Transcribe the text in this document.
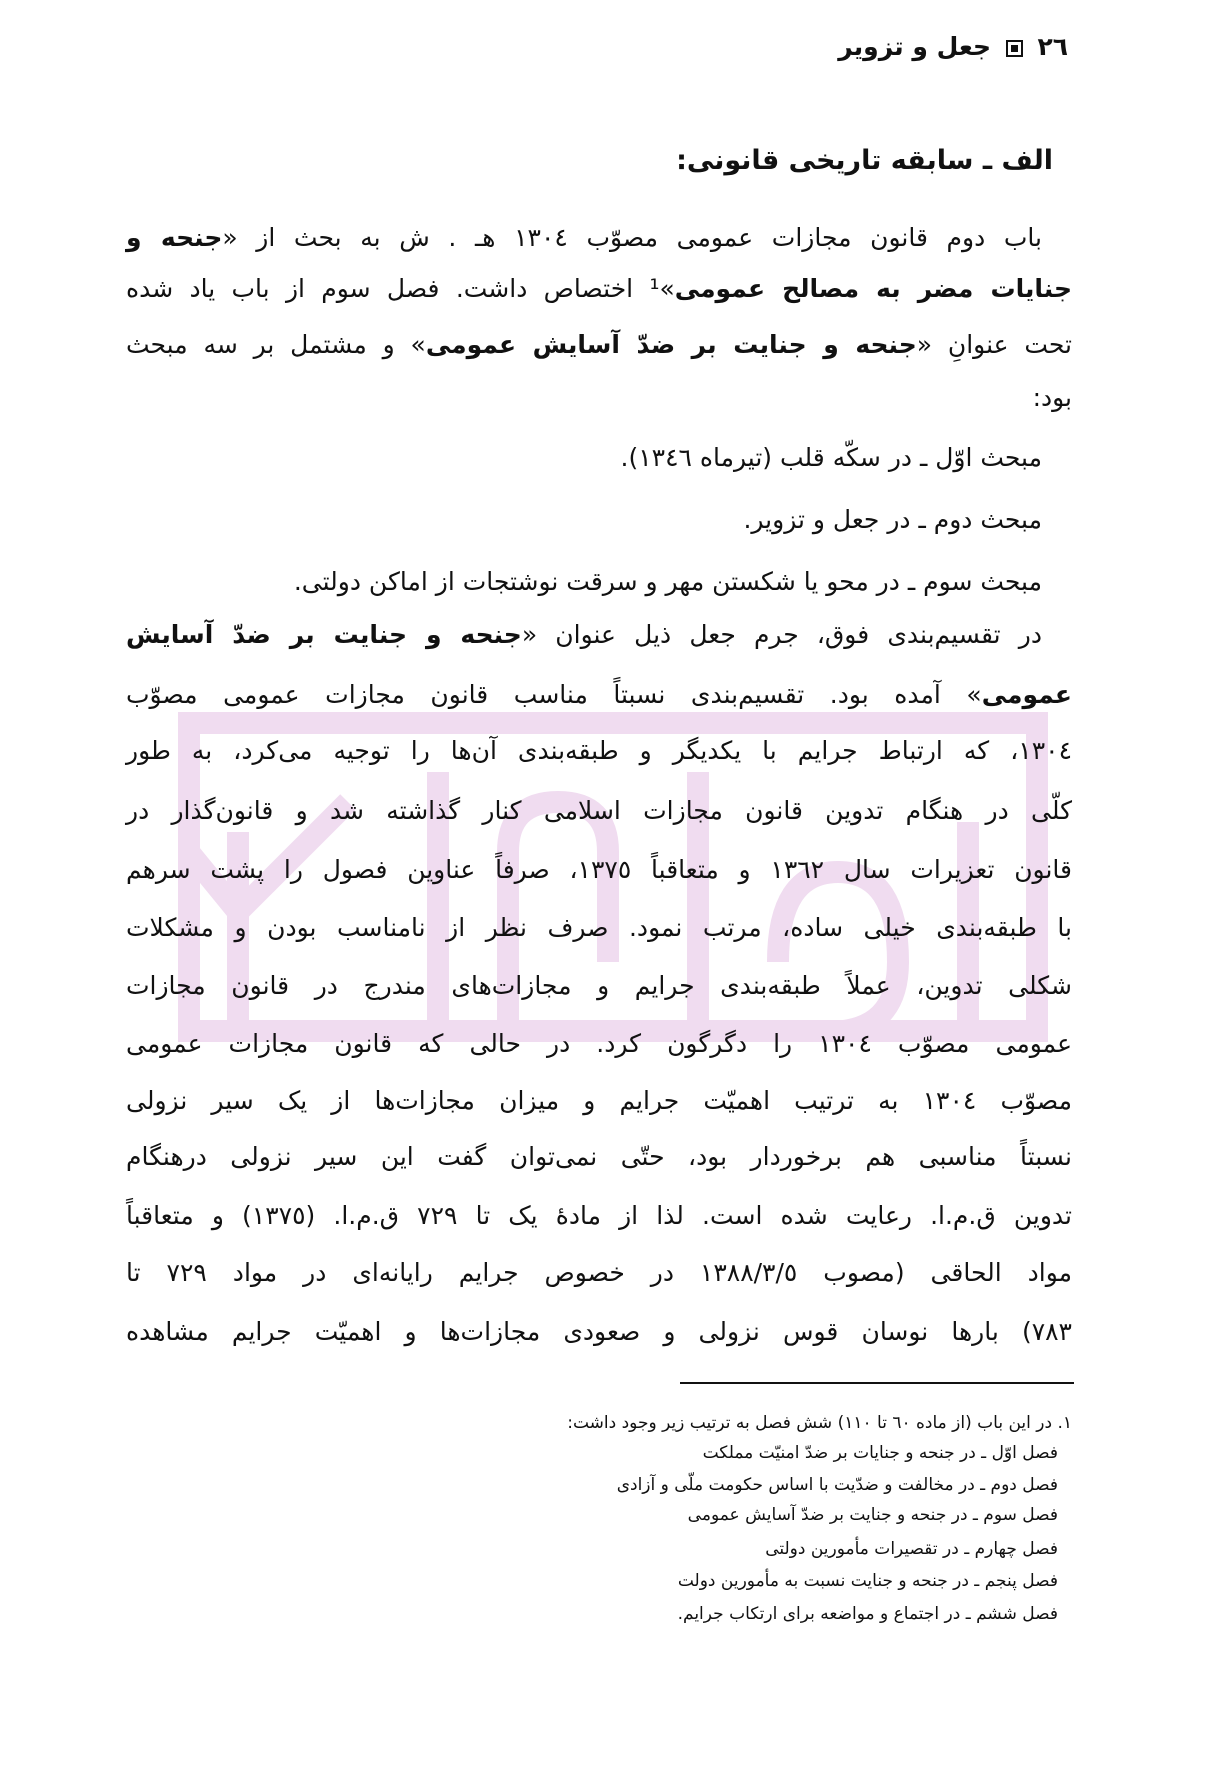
٢٦  جعل و تزویر
الف ـ سابقه تاریخی قانونی:
باب دوم قانون مجازات عمومی مصوّب ١٣٠٤ هـ . ش به بحث از «جنحه و
جنایات مضر به مصالح عمومی»¹ اختصاص داشت. فصل سوم از باب یاد شده
تحت عنوانِ «جنحه و جنایت بر ضدّ آسایش عمومی» و مشتمل بر سه مبحث
بود:
مبحث اوّل ـ در سکّه قلب (تیرماه ١٣٤٦).
مبحث دوم ـ در جعل و تزویر.
مبحث سوم ـ در محو یا شکستن مهر و سرقت نوشتجات از اماکن دولتی.
در تقسیم‌بندی فوق، جرم جعل ذیل عنوان «جنحه و جنایت بر ضدّ آسایش
عمومی» آمده بود. تقسیم‌بندی نسبتاً مناسب قانون مجازات عمومی مصوّب
١٣٠٤، که ارتباط جرایم با یکدیگر و طبقه‌بندی آن‌ها را توجیه می‌کرد، به طور
کلّی در هنگام تدوین قانون مجازات اسلامی کنار گذاشته شد و قانون‌گذار در
قانون تعزیرات سال ١٣٦٢ و متعاقباً ١٣٧٥، صرفاً عناوین فصول را پشت سرهم
با طبقه‌بندی خیلی ساده، مرتب نمود. صرف نظر از نامناسب بودن و مشکلات
شکلی تدوین، عملاً طبقه‌بندی جرایم و مجازات‌های مندرج در قانون مجازات
عمومی مصوّب ١٣٠٤ را دگرگون کرد. در حالی که قانون مجازات عمومی
مصوّب ١٣٠٤ به ترتیب اهمیّت جرایم و میزان مجازات‌ها از یک سیر نزولی
نسبتاً مناسبی هم برخوردار بود، حتّی نمی‌توان گفت این سیر نزولی درهنگام
تدوین ق.م.ا. رعایت شده است. لذا از مادهٔ یک تا ٧٢٩ ق.م.ا. (١٣٧٥) و متعاقباً
مواد الحاقی (مصوب ١٣٨٨/٣/٥ در خصوص جرایم رایانه‌ای در مواد ٧٢٩ تا
٧٨٣) بارها نوسان قوس نزولی و صعودی مجازات‌ها و اهمیّت جرایم مشاهده
١. در این باب (از ماده ٦٠ تا ١١٠) شش فصل به ترتیب زیر وجود داشت:
فصل اوّل ـ در جنحه و جنایات بر ضدّ امنیّت مملکت
فصل دوم ـ در مخالفت و ضدّیت با اساس حکومت ملّی و آزادی
فصل سوم ـ در جنحه و جنایت بر ضدّ آسایش عمومی
فصل چهارم ـ در تقصیرات مأمورین دولتی
فصل پنجم ـ در جنحه و جنایت نسبت به مأمورین دولت
فصل ششم ـ در اجتماع و مواضعه برای ارتکاب جرایم.
